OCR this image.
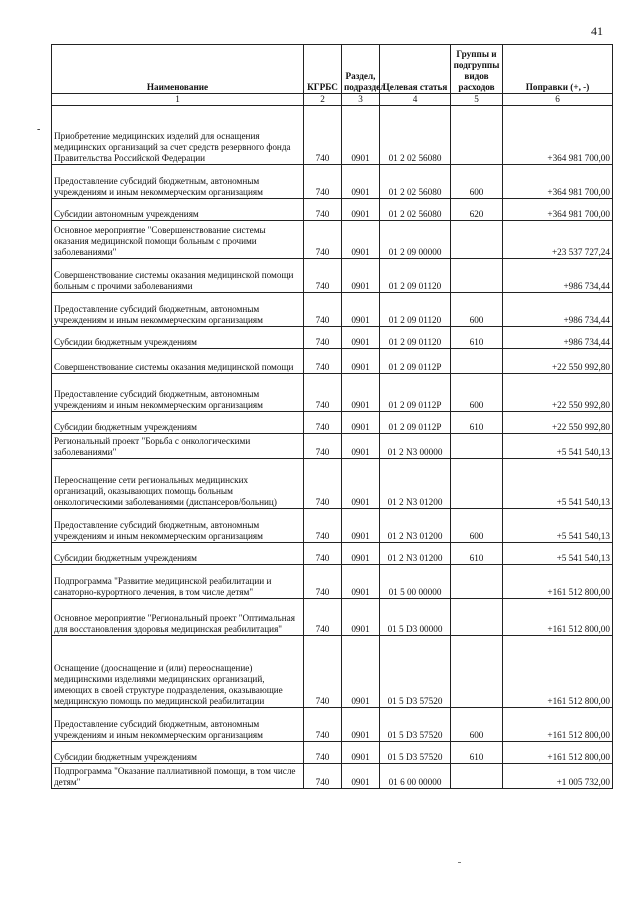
41
-
Наименование	КГРБС	Раздел, подраздел	Целевая статья	Группы и подгруппы видов расходов	Поправки (+, -)
1	2	3	4	5	6
Приобретение медицинских изделий для оснащения медицинских организаций за счет средств резервного фонда Правительства Российской Федерации	740	0901	01 2 02 56080		+364 981 700,00
Предоставление субсидий бюджетным, автономным учреждениям и иным некоммерческим организациям	740	0901	01 2 02 56080	600	+364 981 700,00
Субсидии автономным учреждениям	740	0901	01 2 02 56080	620	+364 981 700,00
Основное мероприятие "Совершенствование системы оказания медицинской помощи больным с прочими заболеваниями"	740	0901	01 2 09 00000		+23 537 727,24
Совершенствование системы оказания медицинской помощи больным с прочими заболеваниями	740	0901	01 2 09 01120		+986 734,44
Предоставление субсидий бюджетным, автономным учреждениям и иным некоммерческим организациям	740	0901	01 2 09 01120	600	+986 734,44
Субсидии бюджетным учреждениям	740	0901	01 2 09 01120	610	+986 734,44
Совершенствование системы оказания медицинской помощи	740	0901	01 2 09 0112P		+22 550 992,80
Предоставление субсидий бюджетным, автономным учреждениям и иным некоммерческим организациям	740	0901	01 2 09 0112P	600	+22 550 992,80
Субсидии бюджетным учреждениям	740	0901	01 2 09 0112P	610	+22 550 992,80
Региональный проект "Борьба с онкологическими заболеваниями"	740	0901	01 2 N3 00000		+5 541 540,13
Переоснащение сети региональных медицинских организаций, оказывающих помощь больным онкологическими заболеваниями (диспансеров/больниц)	740	0901	01 2 N3 01200		+5 541 540,13
Предоставление субсидий бюджетным, автономным учреждениям и иным некоммерческим организациям	740	0901	01 2 N3 01200	600	+5 541 540,13
Субсидии бюджетным учреждениям	740	0901	01 2 N3 01200	610	+5 541 540,13
Подпрограмма "Развитие медицинской реабилитации и санаторно-курортного лечения, в том числе детям"	740	0901	01 5 00 00000		+161 512 800,00
Основное мероприятие "Региональный проект "Оптимальная для восстановления здоровья медицинская реабилитация"	740	0901	01 5 D3 00000		+161 512 800,00
Оснащение (дооснащение и (или) переоснащение) медицинскими изделиями медицинских организаций, имеющих в своей структуре подразделения, оказывающие медицинскую помощь по медицинской реабилитации	740	0901	01 5 D3 57520		+161 512 800,00
Предоставление субсидий бюджетным, автономным учреждениям и иным некоммерческим организациям	740	0901	01 5 D3 57520	600	+161 512 800,00
Субсидии бюджетным учреждениям	740	0901	01 5 D3 57520	610	+161 512 800,00
Подпрограмма "Оказание паллиативной помощи, в том числе детям"	740	0901	01 6 00 00000		+1 005 732,00
